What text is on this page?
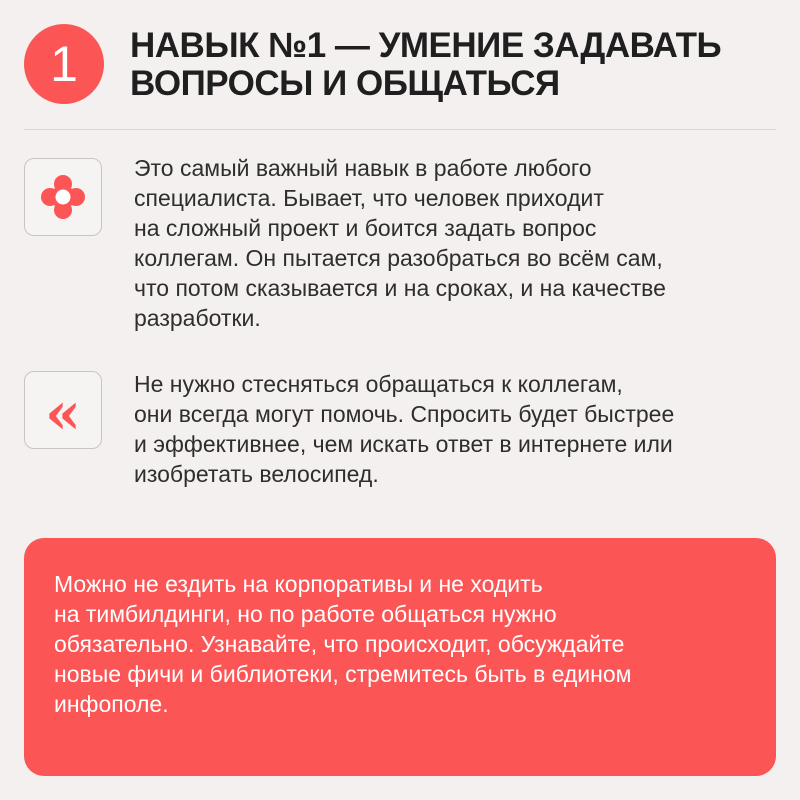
1 НАВЫК №1 — УМЕНИЕ ЗАДАВАТЬ
ВОПРОСЫ И ОБЩАТЬСЯ

Это самый важный навык в работе любого
специалиста. Бывает, что человек приходит
на сложный проект и боится задать вопрос
коллегам. Он пытается разобраться во всём сам,
что потом сказывается и на сроках, и на качестве
разработки.

« Не нужно стесняться обращаться к коллегам,
они всегда могут помочь. Спросить будет быстрее
и эффективнее, чем искать ответ в интернете или
изобретать велосипед.

Можно не ездить на корпоративы и не ходить
на тимбилдинги, но по работе общаться нужно
обязательно. Узнавайте, что происходит, обсуждайте
новые фичи и библиотеки, стремитесь быть в едином
инфополе.
